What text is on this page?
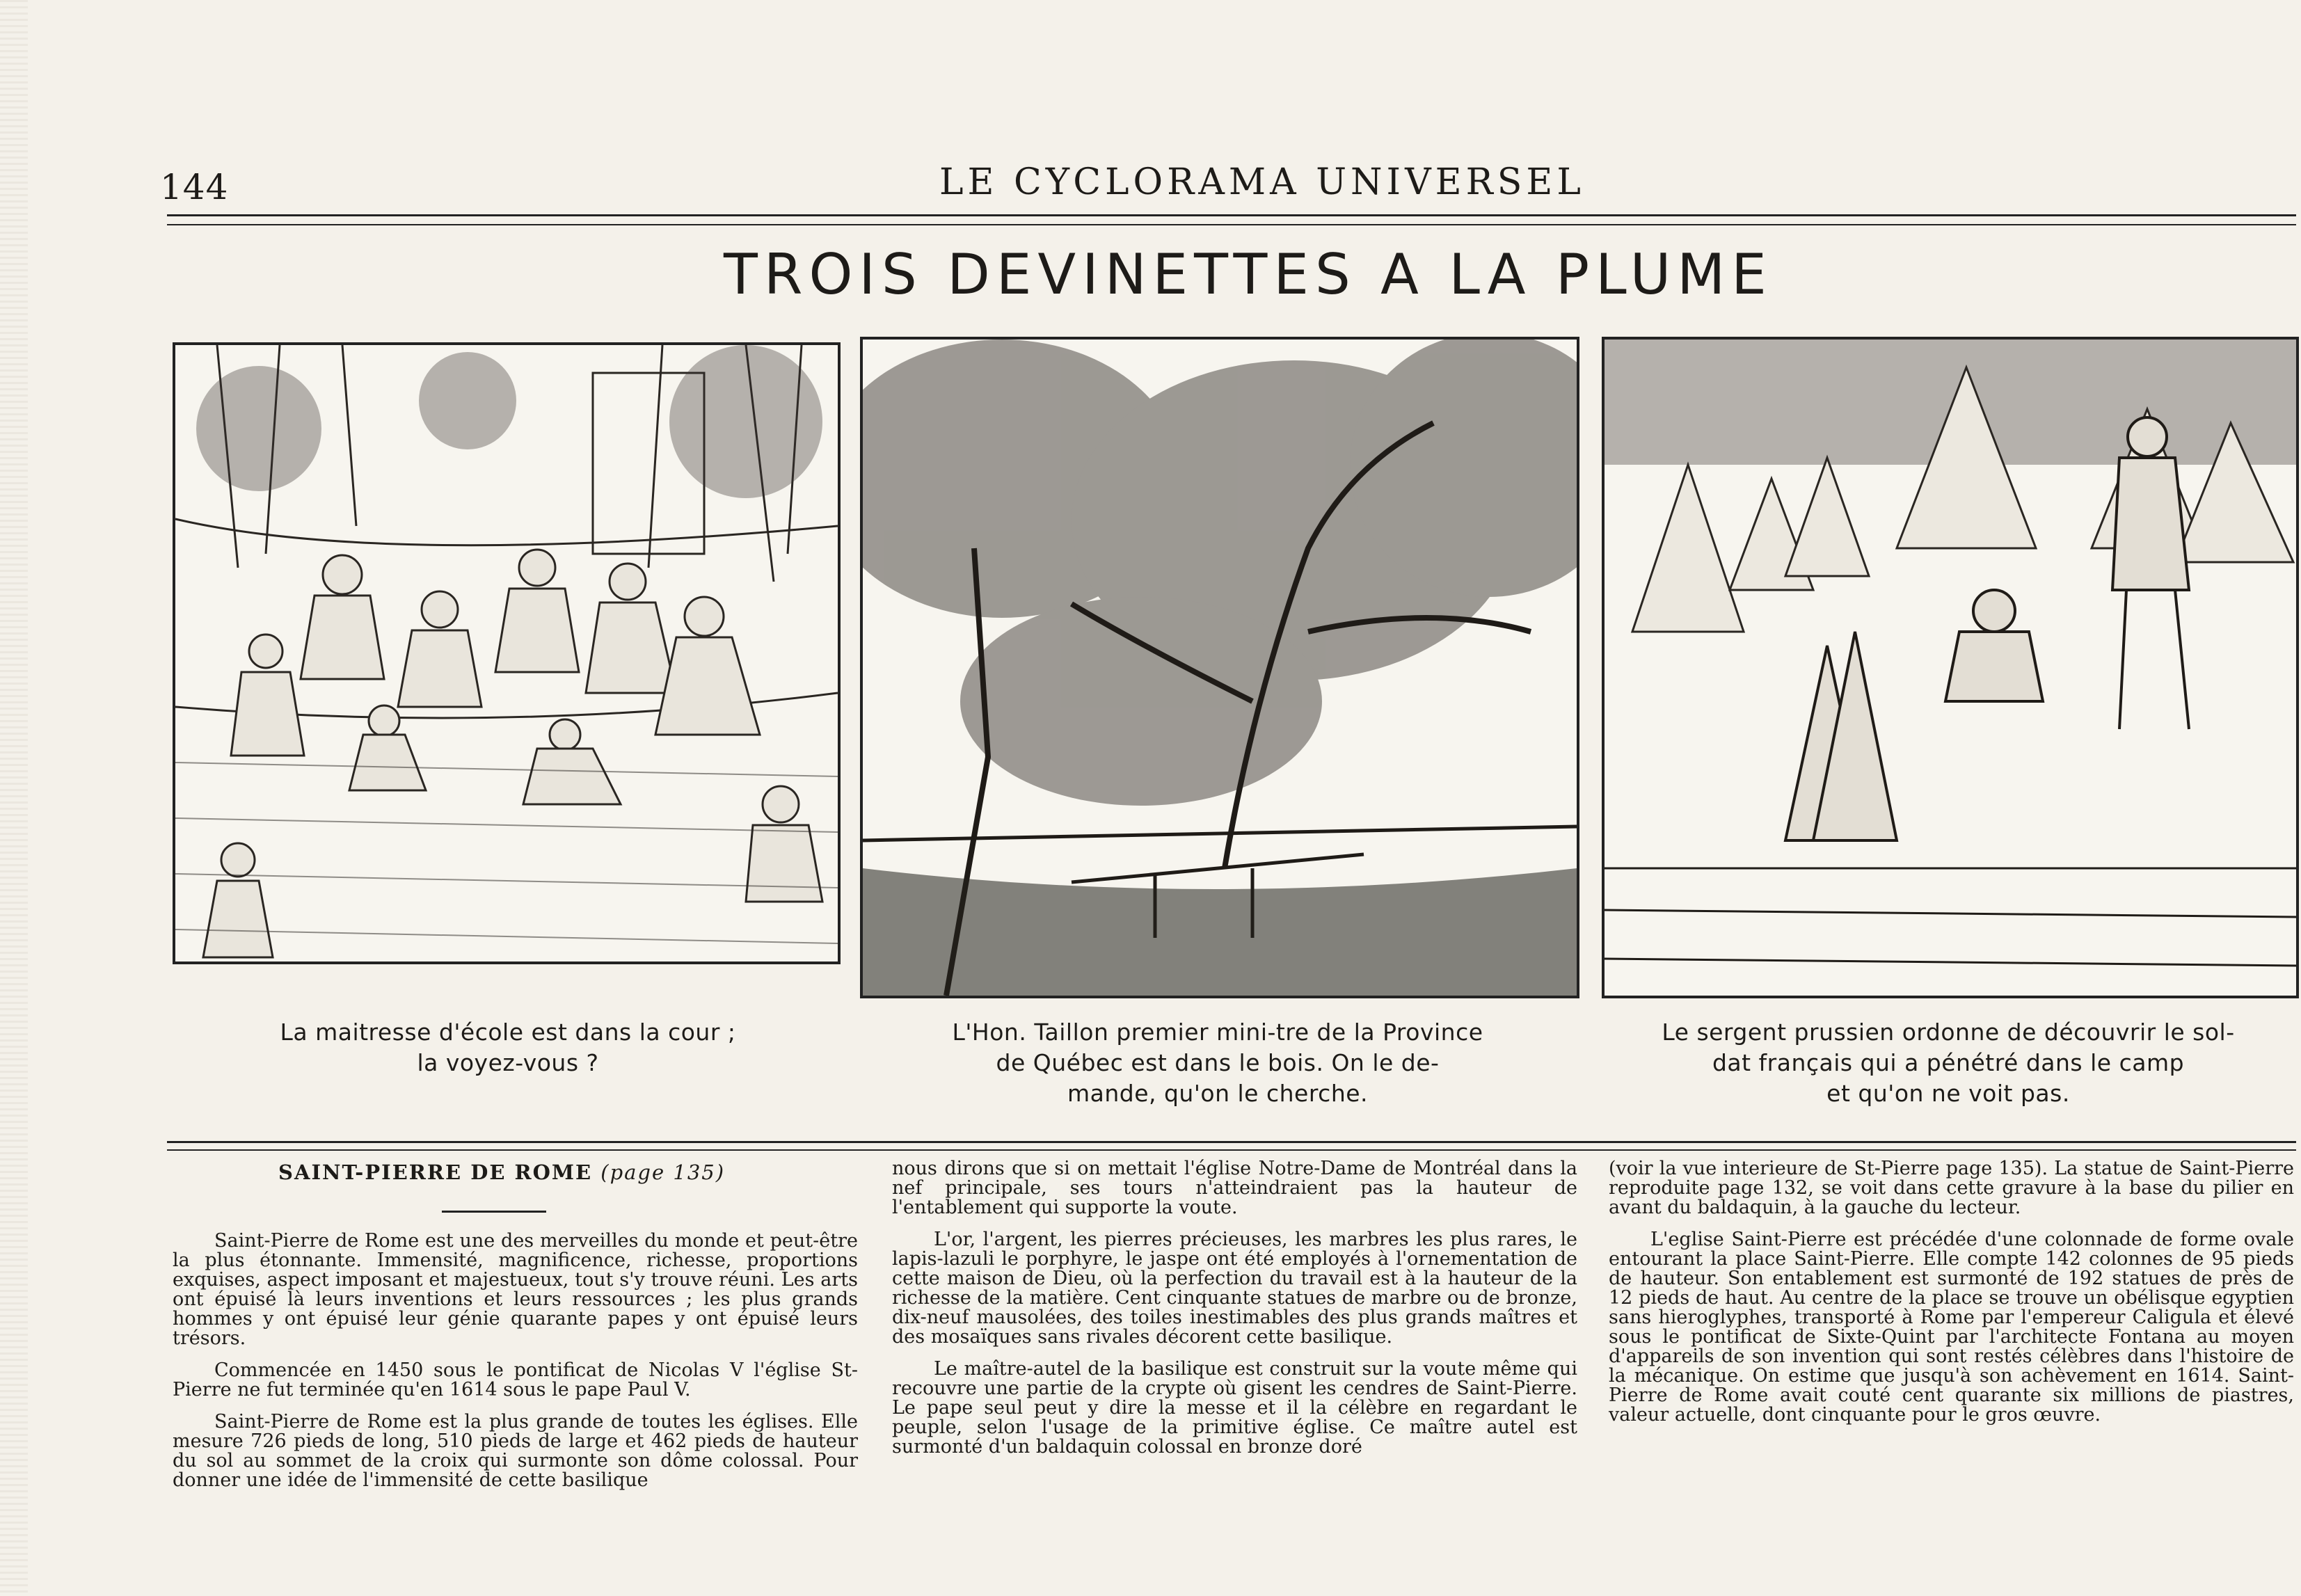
144	LE CYCLORAMA UNIVERSEL
TROIS DEVINETTES A LA PLUME
La maitresse d'école est dans la cour ;
la voyez-vous ?
L'Hon. Taillon premier mini-tre de la Province
de Québec est dans le bois. On le de-
mande, qu'on le cherche.
Le sergent prussien ordonne de découvrir le sol-
dat français qui a pénétré dans le camp
et qu'on ne voit pas.
SAINT-PIERRE DE ROME (page 135)

Saint-Pierre de Rome est une des merveilles du monde et peut-être la plus étonnante. Immensité, magnificence, richesse, proportions exquises, aspect imposant et majestueux, tout s'y trouve réuni. Les arts ont épuisé là leurs inventions et leurs ressources ; les plus grands hommes y ont épuisé leur génie quarante papes y ont épuisé leurs trésors.

Commencée en 1450 sous le pontificat de Nicolas V l'église St-Pierre ne fut terminée qu'en 1614 sous le pape Paul V.

Saint-Pierre de Rome est la plus grande de toutes les églises. Elle mesure 726 pieds de long, 510 pieds de large et 462 pieds de hauteur du sol au sommet de la croix qui surmonte son dôme colossal. Pour donner une idée de l'immensité de cette basilique

nous dirons que si on mettait l'église Notre-Dame de Montréal dans la nef principale, ses tours n'atteindraient pas la hauteur de l'entablement qui supporte la voute.

L'or, l'argent, les pierres précieuses, les marbres les plus rares, le lapis-lazuli le porphyre, le jaspe ont été employés à l'ornementation de cette maison de Dieu, où la perfection du travail est à la hauteur de la richesse de la matière. Cent cinquante statues de marbre ou de bronze, dix-neuf mausolées, des toiles inestimables des plus grands maîtres et des mosaïques sans rivales décorent cette basilique.

Le maître-autel de la basilique est construit sur la voute même qui recouvre une partie de la crypte où gisent les cendres de Saint-Pierre. Le pape seul peut y dire la messe et il la célèbre en regardant le peuple, selon l'usage de la primitive église. Ce maître autel est surmonté d'un baldaquin colossal en bronze doré

(voir la vue interieure de St-Pierre page 135). La statue de Saint-Pierre reproduite page 132, se voit dans cette gravure à la base du pilier en avant du baldaquin, à la gauche du lecteur.

L'eglise Saint-Pierre est précédée d'une colonnade de forme ovale entourant la place Saint-Pierre. Elle compte 142 colonnes de 95 pieds de hauteur. Son entablement est surmonté de 192 statues de près de 12 pieds de haut. Au centre de la place se trouve un obélisque egyptien sans hieroglyphes, transporté à Rome par l'empereur Caligula et élevé sous le pontificat de Sixte-Quint par l'architecte Fontana au moyen d'appareils de son invention qui sont restés célèbres dans l'histoire de la mécanique. On estime que jusqu'à son achèvement en 1614. Saint-Pierre de Rome avait couté cent quarante six millions de piastres, valeur actuelle, dont cinquante pour le gros œuvre.
